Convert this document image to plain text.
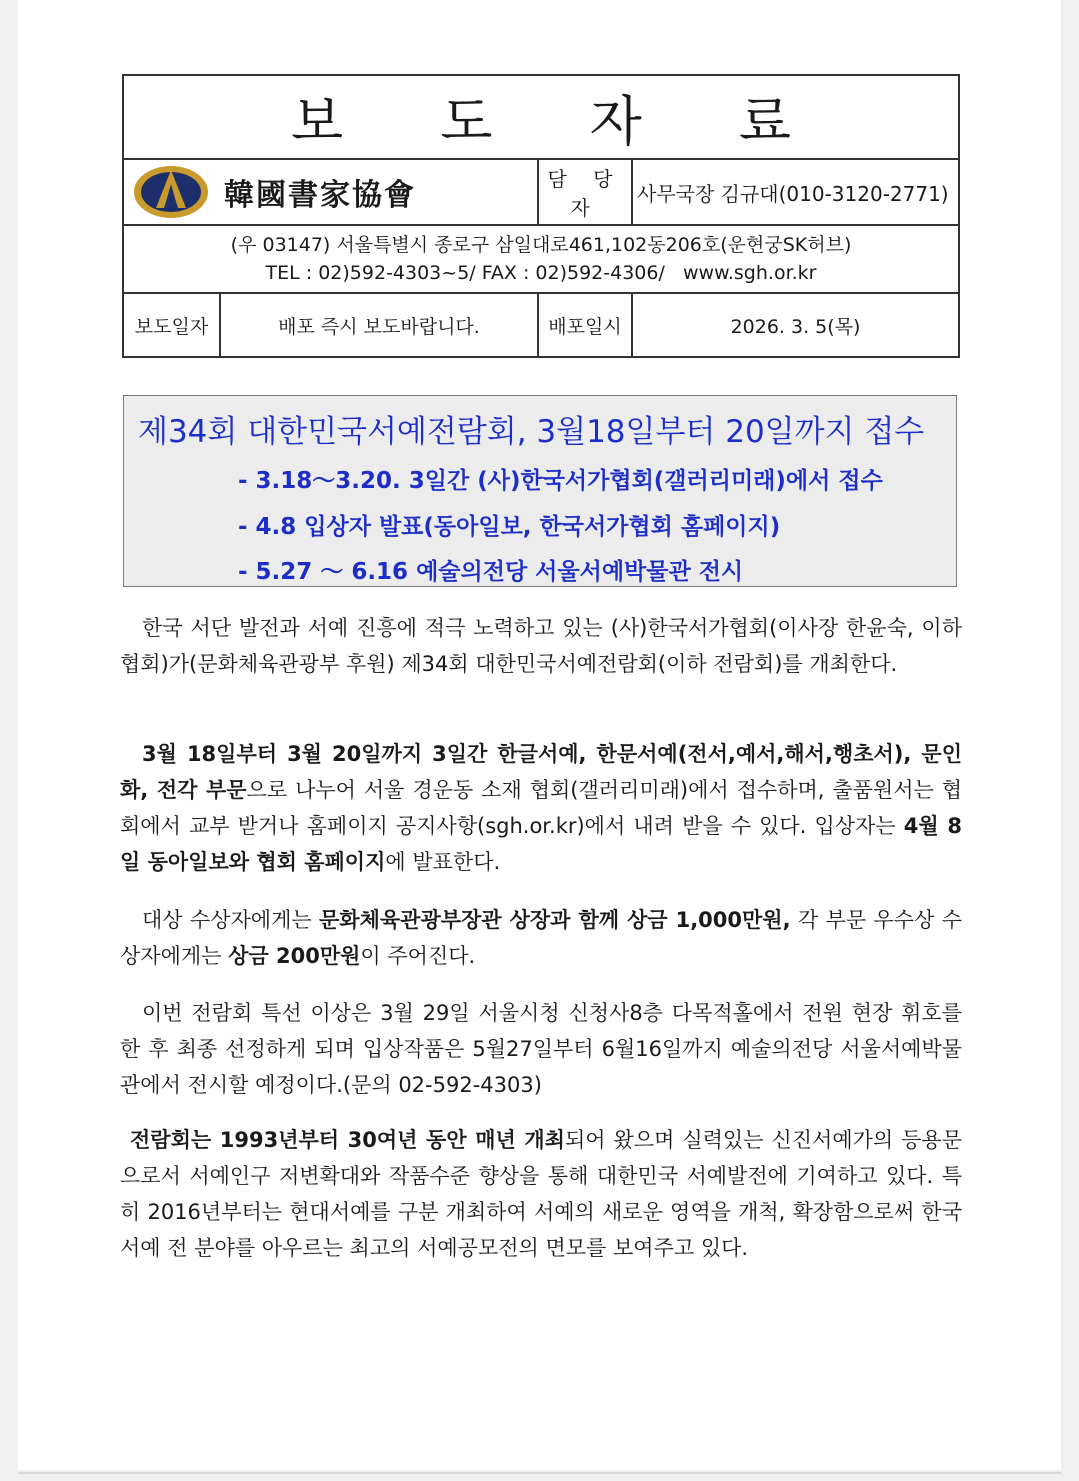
보 도 자 료			

韓國書家協會		담 당 자	사무국장 김규대(010-3120-2771)

(우 03147) 서울특별시 종로구 삼일대로461,102동206호(운현궁SK허브)
TEL : 02)592-4303~5/ FAX : 02)592-4306/   www.sgh.or.kr			

보도일자	배포 즉시 보도바랍니다.	배포일시	2026. 3. 5(목)
제34회 대한민국서예전람회, 3월18일부터 20일까지 접수
- 3.18～3.20. 3일간 (사)한국서가협회(갤러리미래)에서 접수
- 4.8 입상자 발표(동아일보, 한국서가협회 홈페이지)
- 5.27 ～ 6.16 예술의전당 서울서예박물관 전시
한국 서단 발전과 서예 진흥에 적극 노력하고 있는 (사)한국서가협회(이사장 한윤숙, 이하 협회)가(문화체육관광부 후원) 제34회 대한민국서예전람회(이하 전람회)를 개최한다.
3월 18일부터 3월 20일까지 3일간 한글서예, 한문서예(전서,예서,해서,행초서), 문인화, 전각 부문으로 나누어 서울 경운동 소재 협회(갤러리미래)에서 접수하며, 출품원서는 협회에서 교부 받거나 홈페이지 공지사항(sgh.or.kr)에서 내려 받을 수 있다. 입상자는 4월 8일 동아일보와 협회 홈페이지에 발표한다.
대상 수상자에게는 문화체육관광부장관 상장과 함께 상금 1,000만원, 각 부문 우수상 수상자에게는 상금 200만원이 주어진다.
이번 전람회 특선 이상은 3월 29일 서울시청 신청사8층 다목적홀에서 전원 현장 휘호를 한 후 최종 선정하게 되며 입상작품은 5월27일부터 6월16일까지 예술의전당 서울서예박물관에서 전시할 예정이다.(문의 02-592-4303)
전람회는 1993년부터 30여년 동안 매년 개최되어 왔으며 실력있는 신진서예가의 등용문으로서 서예인구 저변확대와 작품수준 향상을 통해 대한민국 서예발전에 기여하고 있다. 특히 2016년부터는 현대서예를 구분 개최하여 서예의 새로운 영역을 개척, 확장함으로써 한국서예 전 분야를 아우르는 최고의 서예공모전의 면모를 보여주고 있다.
